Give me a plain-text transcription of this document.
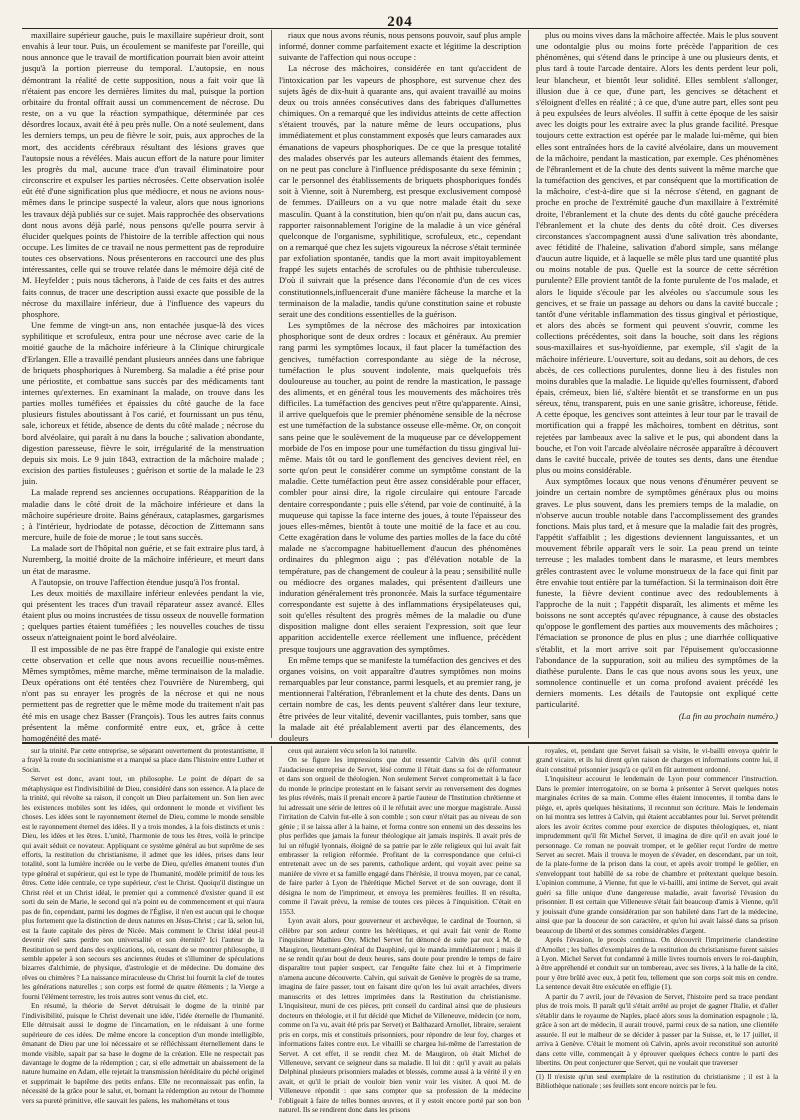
204

maxillaire supérieur gauche, puis le maxillaire supérieur droit, sont envahis à leur tour. Puis, un écoulement se manifeste par l'oreille, qui nous annonce que le travail de mortification pourrait bien avoir atteint jusqu'à la portion pierreuse du temporal. L'autopsie, en nous démontrant la réalité de cette supposition, nous a fait voir que là n'étaient pas encore les dernières limites du mal, puisque la portion orbitaire du frontal offrait aussi un commencement de nécrose. Du reste, on a vu que la réaction sympathique, déterminée par ces désordres locaux, avait été à peu près nulle. On a noté seulement, dans les derniers temps, un peu de fièvre le soir, puis, aux approches de la mort, des accidents cérébraux résultant des lésions graves que l'autopsie nous a révélées. Mais aucun effort de la nature pour limiter les progrès du mal, aucune trace d'un travail éliminatoire pour circonscrire et expulser les parties nécrosées. Cette observation isolée eût été d'une signification plus que médiocre, et nous ne avions nous-mêmes dans le principe suspecté la valeur, alors que nous ignorions les travaux déjà publiés sur ce sujet. Mais rapprochée des observations dont nous avons déjà parlé, nous pensons qu'elle pourra servir à élucider quelques points de l'histoire de la terrible affection qui nous occupe. Les limites de ce travail ne nous permettent pas de reproduire toutes ces observations. Nous présenterons en raccourci une des plus intéressantes, celle qui se trouve relatée dans le mémoire déjà cité de M. Heyfelder ; puis nous tâcherons, à l'aide de ces faits et des autres faits connus, de tracer une description aussi exacte que possible de la nécrose du maxillaire inférieur, due à l'influence des vapeurs du phosphore.

Une femme de vingt-un ans, non entachée jusque-là des vices syphilitique et scrofuleux, entra pour une nécrose avec carie de la moitié gauche de la mâchoire inférieure à la Clinique chirurgicale d'Erlangen. Elle a travaillé pendant plusieurs années dans une fabrique de briquets phosphoriques à Nuremberg. Sa maladie a été prise pour une périostite, et combattue sans succès par des médicaments tant internes qu'externes. En examinant la malade, on trouve dans les parties molles tuméfiées et épaissies du côté gauche de la face plusieurs fistules aboutissant à l'os carié, et fournissant un pus ténu, sale, ichoreux et fétide, absence de dents du côté malade ; nécrose du bord alvéolaire, qui paraît à nu dans la bouche ; salivation abondante, digestion paresseuse, fièvre le soir, irrégularité de la menstruation depuis six mois. Le 9 juin 1843, extraction de la mâchoire malade ; excision des parties fistuleuses ; guérison et sortie de la malade le 23 juin.

La malade reprend ses anciennes occupations. Réapparition de la maladie dans le côté droit de la mâchoire inférieure et dans la mâchoire supérieure droite. Bains généraux, cataplasmes, gargarismes ; à l'intérieur, hydriodate de potasse, décoction de Zittemann sans mercure, huile de foie de morue ; le tout sans succès.

La malade sort de l'hôpital non guérie, et se fait extraire plus tard, à Nuremberg, la moitié droite de la mâchoire inférieure, et meurt dans un état de marasme.

A l'autopsie, on trouve l'affection étendue jusqu'à l'os frontal.

Les deux moitiés de maxillaire inférieur enlevées pendant la vie, qui présentent les traces d'un travail réparateur assez avancé. Elles étaient plus ou moins incrustées de tissu osseux de nouvelle formation ; quelques parties étaient tuméfiées ; les nouvelles couches de tissu osseux n'atteignaient point le bord alvéolaire.

Il est impossible de ne pas être frappé de l'analogie qui existe entre cette observation et celle que nous avons recueillie nous-mêmes. Mêmes symptômes, même marche, même terminaison de la maladie. Deux opérations ont été tentées chez l'ouvrière de Nuremberg, qui n'ont pas su enrayer les progrès de la nécrose et qui ne nous permettent pas de regretter que le même mode du traitement n'ait pas été mis en usage chez Basser (François). Tous les autres faits connus présentent la même conformité entre eux, et, grâce à cette homogénéité des maté-

riaux que nous avons réunis, nous pensons pouvoir, sauf plus ample informé, donner comme parfaitement exacte et légitime la description suivante de l'affection qui nous occupe :

La nécrose des mâchoires, considérée en tant qu'accident de l'intoxication par les vapeurs de phosphore, est survenue chez des sujets âgés de dix-huit à quarante ans, qui avaient travaillé au moins deux ou trois années consécutives dans des fabriques d'allumettes chimiques. On a remarqué que les individus atteints de cette affection s'étaient trouvés, par la nature même de leurs occupations, plus immédiatement et plus constamment exposés que leurs camarades aux émanations de vapeurs phosphoriques. De ce que la presque totalité des malades observés par les auteurs allemands étaient des femmes, on ne peut pas conclure à l'influence prédisposante du sexe féminin ; car le personnel des établissements de briquets phosphoriques fondés soit à Vienne, soit à Nuremberg, est presque exclusivement composé de femmes. D'ailleurs on a vu que notre malade était du sexe masculin. Quant à la constitution, bien qu'on n'ait pu, dans aucun cas, rapporter raisonnablement l'origine de la maladie à un vice général quelconque de l'organisme, syphilitique, scrofuleux, etc., cependant on a remarqué que chez les sujets vigoureux la nécrose s'était terminée par exfoliation spontanée, tandis que la mort avait impitoyablement frappé les sujets entachés de scrofules ou de phthisie tuberculeuse. D'où il suivrait que la présence dans l'économie d'un de ces vices constitutionnels,influencerait d'une manière fâcheuse la marche et la terminaison de la maladie, tandis qu'une constitution saine et robuste serait une des conditions essentielles de la guérison.

Les symptômes de la nécrose des mâchoires par intoxication phosphorique sont de deux ordres : locaux et généraux. Au premier rang parmi les symptômes locaux, il faut placer la tuméfaction des gencives, tuméfaction correspondante au siège de la nécrose, tuméfaction le plus souvent indolente, mais quelquefois très douloureuse au toucher, au point de rendre la mastication, le passage des aliments, et en général tous les mouvements des mâchoires très difficiles. La tuméfaction des gencives peut n'être qu'apparente. Ainsi, il arrive quelquefois que le premier phénomène sensible de la nécrose est une tuméfaction de la substance osseuse elle-même. Or, on conçoit sans peine que le soulèvement de la muqueuse par ce développement morbide de l'os en impose pour une tuméfaction du tissu gingival lui-même. Mais tôt ou tard le gonflement des gencives devient réel, en sorte qu'on peut le considérer comme un symptôme constant de la maladie. Cette tuméfaction peut être assez considérable pour effacer, combler pour ainsi dire, la rigole circulaire qui entoure l'arcade dentaire correspondante ; puis elle s'étend, par voie de continuité, à la muqueuse qui tapisse la face interne des joues, à toute l'épaisseur des joues elles-mêmes, bientôt à toute une moitié de la face et au cou. Cette exagération dans le volume des parties molles de la face du côté malade ne s'accompagne habituellement d'aucun des phénomènes ordinaires du phlegmon aigu ; pas d'élévation notable de la température, pas de changement de couleur à la peau ; sensibilité nulle ou médiocre des organes malades, qui présentent d'ailleurs une induration généralement très prononcée. Mais la surface tégumentaire correspondante est sujette à des inflammations érysipélateuses qui, soit qu'elles résultent des progrès mêmes de la maladie ou d'une disposition maligne dont elles seraient l'expression, soit que leur apparition accidentelle exerce réellement une influence, précèdent presque toujours une aggravation des symptômes.

En même temps que se manifeste la tuméfaction des gencives et des organes voisins, on voit apparaître d'autres symptômes non moins remarquables par leur constance, parmi lesquels, et au premier rang, je mentionnerai l'altération, l'ébranlement et la chute des dents. Dans un certain nombre de cas, les dents peuvent s'altérer dans leur texture, être privées de leur vitalité, devenir vacillantes, puis tomber, sans que la malade ait été préalablement averti par des élancements, des douleurs

plus ou moins vives dans la mâchoire affectée. Mais le plus souvent une odontalgie plus ou moins forte précède l'apparition de ces phénomènes, qui s'étend dans le principe à une ou plusieurs dents, et plus tard à toute l'arcade dentaire. Alors les dents perdent leur poli, leur blancheur, et bientôt leur solidité. Elles semblent s'allonger, illusion due à ce que, d'une part, les gencives se détachent et s'éloignent d'elles en réalité ; à ce que, d'une autre part, elles sont peu à peu expulsées de leurs alvéoles. Il suffit à cette époque de les saisir avec les doigts pour les extraire avec la plus grande facilité. Presque toujours cette extraction est opérée par le malade lui-même, qui bien elles sont entraînées hors de la cavité alvéolaire, dans un mouvement de la mâchoire, pendant la mastication, par exemple. Ces phénomènes de l'ébranlement et de la chute des dents suivent la même marche que la tuméfaction des gencives, et par conséquent que la mortification de la mâchoire, c'est-à-dire que si la nécrose s'étend, en gagnant de proche en proche de l'extrémité gauche d'un maxillaire à l'extrémité droite, l'ébranlement et la chute des dents du côté gauche précédera l'ébranlement et la chute des dents du côté droit. Ces diverses circonstances s'accompagnent aussi d'une salivation très abondante, avec fétidité de l'haleine, salivation d'abord simple, sans mélange d'aucun autre liquide, et à laquelle se mêle plus tard une quantité plus ou moins notable de pus. Quelle est la source de cette sécrétion purulente? Elle provient tantôt de la fonte purulente de l'os malade, et alors le liquide s'écoule par les alvéoles ou s'accumule sous les gencives, et se fraie un passage au dehors ou dans la cavité buccale ; tantôt d'une véritable inflammation des tissus gingival et périostique, et alors des abcès se forment qui peuvent s'ouvrir, comme les collections précédentes, soit dans la bouche, soit dans les régions sous-maxillaires et sus-hyoïdienne, par exemple, s'il s'agit de la mâchoire inférieure. L'ouverture, soit au dedans, soit au dehors, de ces abcès, de ces collections purulentes, donne lieu à des fistules non moins durables que la maladie. Le liquide qu'elles fournissent, d'abord épais, crémeux, bien lié, s'altère bientôt et se transforme en un pus séreux, ténu, transparent, puis en une sanie grisâtre, ichoreuse, fétide. A cette époque, les gencives sont atteintes à leur tour par le travail de mortification qui a frappé les mâchoires, tombent en détritus, sont rejetées par lambeaux avec la salive et le pus, qui abondent dans la bouche, et l'on voit l'arcade alvéolaire nécrosée apparaître à découvert dans le cavité buccale, privée de toutes ses dents, dans une étendue plus ou moins considérable.

Aux symptômes locaux que nous venons d'énumérer peuvent se joindre un certain nombre de symptômes généraux plus ou moins graves. Le plus souvent, dans les premiers temps de la maladie, on n'observe aucun trouble notable dans l'accomplissement des grandes fonctions. Mais plus tard, et à mesure que la maladie fait des progrès, l'appétit s'affaiblit ; les digestions deviennent languissantes, et un mouvement fébrile apparaît vers le soir. La peau prend un teinte terreuse ; les malades tombent dans le marasme, et leurs membres grêles contrastent avec le volume monstrueux de la face qui finit par être envahie tout entière par la tuméfaction. Si la terminaison doit être funeste, la fièvre devient continue avec des redoublements à l'approche de la nuit ; l'appétit disparaît, les aliments et même les boissons ne sont acceptés qu'avec répugnance, à cause des obstacles qu'oppose le gonflement des parties aux mouvements des mâchoires ; l'émaciation se prononce de plus en plus ; une diarrhée colliquative s'établit, et la mort arrive soit par l'épuisement qu'occasionne l'abondance de la suppuration, soit au milieu des symptômes de la diathèse purulente. Dans le cas que nous avons sous les yeux, une somnolence continuelle et un coma profond avaient précédé les derniers moments. Les détails de l'autopsie ont expliqué cette particularité.

(La fin au prochain numéro.)

sur la trinité. Par cette entreprise, se séparant ouvertement du protestantisme, il a frayé la route du socinianisme et a marqué sa place dans l'histoire entre Luther et Socin.

Servet est donc, avant tout, un philosophe. Le point de départ de sa métaphysique est l'indivisibilité de Dieu, considéré dans son essence. A la place de la trinité, qui révolte sa raison, il conçoit un Dieu parfaitement un. Son lien avec les existences mobiles sont les idées, qui ordonnent le monde et vivifient les choses. Les idées sont le rayonnement éternel de Dieu, comme le monde sensible est le rayonnement éternel des idées. Il y a trois mondes, à la fois distincts et unis : Dieu, les idées et les êtres. L'unité, l'harmonie de tous les êtres, voilà le principe qui avait séduit ce novateur. Appliquant ce système général au but suprême de ses efforts, la restitution du christianisme, il admet que les idées, prises dans leur totalité, sont la lumière incréée ou le verbe de Dieu, qu'elles émanent toutes d'un type général et supérieur, qui est le type de l'humanité, modèle primitif de tous les êtres. Cette idée centrale, ce type supérieur, c'est le Christ. Quoiqu'il distingue un Christ réel et un Christ idéal, le premier qui a commencé d'exister quand il est sorti du sein de Marie, le second qui n'a point eu de commencement et qui n'aura pas de fin, cependant, parmi les dogmes de l'Église, il n'en est aucun qui le choque plus fortement que la distinction de deux natures en Jésus-Christ ; car là, selon lui, est la faute capitale des pères de Nicée. Mais comment le Christ idéal peut-il devenir réel sans perdre son universalité et son éternité? Ici l'auteur de la Restitution se perd dans des explications, où, cessant de se montrer philosophe, il semble appeler à son secours ses anciennes études et s'illuminer de spéculations bizarres d'alchimie, de physique, d'astrologie et de médecine. Du domaine des rêves ou chimères ? La naissance miraculeuse du Christ lui fournit la clef de toutes les générations naturelles ; son corps est formé de quatre éléments ; la Vierge a fourni l'élément terrestre, les trois autres sont venus du ciel, etc.

En résumé, la théorie de Servet détruisait le dogme de la trinité par l'indivisibilité, puisque le Christ devenait une idée, l'idée éternelle de l'humanité. Elle détruisait aussi le dogme de l'incarnation, en le réduisant à une forme supérieure de ces idées. De même encore la conception d'un monde intelligible, émanant de Dieu par une loi nécessaire et se réfléchissant éternellement dans le monde visible, sapait par sa base le dogme de la création. Elle ne respectait pas davantage le dogme de la rédemption ; car, si elle admettait un abaissement de la nature humaine en Adam, elle rejetait la transmission héréditaire du péché originel et supprimait le baptême des petits enfans. Elle ne reconnaissait pas enfin, la nécessité de la grâce pour le salut, et, bornant la rédemption au retour de l'homme vers sa pureté primitive, elle sauvait les païens, les mahométans et tous

ceux qui auraient vécu selon la loi naturelle.

On se figure les impressions que dut ressentir Calvin dès qu'il connut l'audacieuse entreprise de Servet, lésé comme il l'était dans sa foi de réformateur et dans son orgueil de théologien. Non seulement Servet compromettait à la face du monde le principe protestant en le faisant servir au renversement des dogmes les plus révérés, mais il prenait encore à partie l'auteur de l'Institution chrétienne et lui adressait une série de lettres où il le réfutait avec une morgue magistrale. Aussi l'irritation de Calvin fut-elle à son comble ; son cœur n'était pas au niveau de son génie ; il se laissa aller à la haine, et forma contre son ennemi un des desseins les plus perfides que jamais la fureur théologique ait jamais inspirés. Il avait près de lui un réfugié lyonnais, éloigné de sa patrie par le zèle religieux qui lui avait fait embrasser la religion réformée. Profitant de la correspondance que celui-ci entretenait avec un de ses parents, catholique ardent, qui voyait avec peine sa manière de vivre et sa famille engagé dans l'hérésie, il trouva moyen, par ce canal, de faire parler à Lyon de l'hérétique Michel Servet et de son ouvrage, dont il désigna le nom de l'imprimeur, et envoya les premières feuilles. Il en résulta, comme il l'avait prévu, la remise de toutes ces pièces à l'inquisition. C'était en 1553.

Lyon avait alors, pour gouverneur et archevêque, le cardinal de Tournon, si célèbre par son ardeur contre les hérétiques, et qui avait fait venir de Rome l'inquisiteur Mathieu Ory. Michel Servet fut dénoncé de suite par eux à M. de Maugiron, lieutenant-général du Dauphiné, qui le manda immédiatement ; mais il ne se rendit qu'au bout de deux heures, sans doute pour prendre le temps de faire disparaître tout papier suspect, car l'enquête faite chez lui et à l'imprimerie n'amena aucune découverte. Calvin, qui suivait de Genève le progrès de sa trame, imagina de faire passer, tout en faisant dire qu'on les lui avait arrachées, divers manuscrits et des lettres imprimées dans la Restitution du christianisme. L'inquisiteur, muni de ces pièces, prit conseil du cardinal ainsi que de plusieurs docteurs en théologie, et il fut décidé que Michel de Villeneuve, médecin (ce nom, comme on l'a vu, avait été pris par Servet) et Balthazard Arnollet, libraire, seraient pris en corps, mis et constitués prisonniers, pour répondre de leur foy, charges et informations faites contre eux. Le vibailli se chargea lui-même de l'arrestation de Servet. A cet effet, il se rendit chez M. de Maugiron, où était Michel de Villeneuve, servant ce seigneur dans sa maladie. Il lui dit : qu'il y avait au palais Delphinal plusieurs prisonniers malades et blessés, comme aussi à la vérité il y en avait, et qu'il le priait de vouloir bien venir voir les visiter. A quoi M. de Villeneuve répondit : que sans compter que sa profession de la médecine l'obligeait à faire de telles bonnes œuvres, et il y estoit encore porté par son bon naturel. Ils se rendirent donc dans les prisons

royales, et, pendant que Servet faisait sa visite, le vi-bailli envoya quérir le grand vicaire, et ils lui dirent qu'en raison de charges et informations contre lui, il était constitué prisonnier jusqu'à ce qu'il en fût autrement ordonné.

L'inquisiteur accourut le lendemain de Lyon pour commencer l'instruction. Dans le premier interrogatoire, on se borna à présenter à Servet quelques notes marginales écrites de sa main. Comme elles étaient innocentes, il tomba dans le piège, et, après quelques hésitations, il reconnut son écriture. Mais le lendemain on lui montra ses lettres à Calvin, qui étaient accablantes pour lui. Servet prétendit alors les avoir écrites comme pour exercice de disputes théologiques, et, niant imprudemment qu'il fût Michel Servet, il imagina de dire qu'il en avait joué le personnage. Ce roman ne pouvait tromper, et le geôlier reçut l'ordre de mettre Servet au secret. Mais il trouva le moyen de s'évader, en descendant, par un toit, de la plate-forme de la prison dans la cour, et après avoir trompé le geôlier, en s'enveloppant tout habillé de sa robe de chambre et prétextant quelque besoin. L'opinion commune, à Vienne, fut que le vi-bailli, ami intime de Servet, qui avait guéri sa fille unique d'une dangereuse maladie, avait favorisé l'évasion du prisonnier. Il est certain que Villeneuve s'était fait beaucoup d'amis à Vienne, qu'il y jouissait d'une grande considération par son habileté dans l'art de la médecine, ainsi que par la douceur de son caractère, et qu'on lui avait laissé dans sa prison beaucoup de liberté et des sommes considérables d'argent.

Après l'évasion, le procès continua. On découvrit l'imprimerie clandestine d'Arnollet ; les balles d'exemplaires de la restitution du christianisme furent saisies à Lyon. Michel Servet fut condamné à mille livres tournois envers le roi-dauphin, à être appréhendé et conduit sur un tombereau, avec ses livres, à la halle de la cité, pour y être brûlé avec eux, à petit feu, tellement que son corps soit mis en cendre. La sentence devait être exécutée en effigie (1).

A partir du 7 avril, jour de l'évasion de Servet, l'histoire perd sa trace pendant plus de trois mois. Il paraît qu'il s'était arrêté au projet de gagner l'Italie, et d'aller s'établir dans le royaume de Naples, placé alors sous la domination espagnole ; là, grâce à son art de médecin, il aurait trouvé, parmi ceux de sa nation, une clientèle assurée. Il eut le malheur de se décider à passer par la Suisse, et, le 17 juillet, il arriva à Genève. C'était le moment où Calvin, après avoir reconstitué son autorité dans cette ville, commençait à y éprouver quelques échecs contre le parti des libertins. On peut conjecturer que Servet, qui ne voulait que traverser

(1) Il n'existe qu'un seul exemplaire de la restitution du christianisme ; il est à la Bibliothèque nationale ; ses feuillets sont encore noircis par le feu.
